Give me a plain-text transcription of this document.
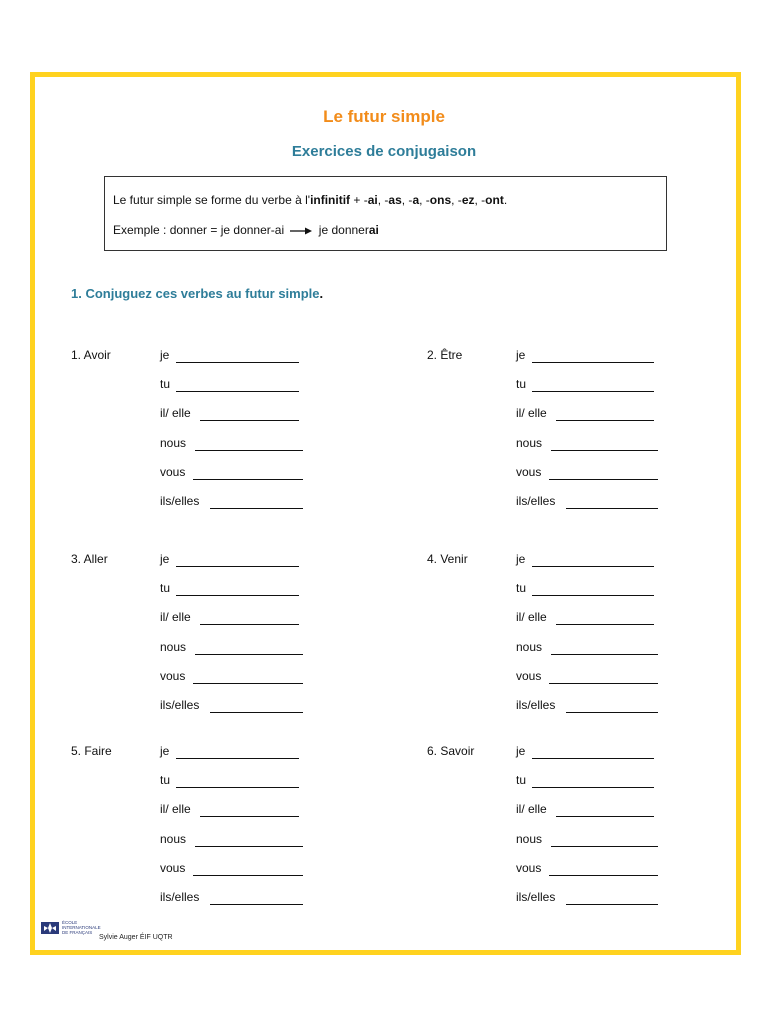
Le futur simple
Exercices de conjugaison
Le futur simple se forme du verbe à l'infinitif + -ai, -as, -a, -ons, -ez, -ont.
Exemple : donner = je donner-ai	je donnerai
1. Conjuguez ces verbes au futur simple.
1. Avoir	je
tu
il/ elle
nous
vous
ils/elles
2. Être	je
tu
il/ elle
nous
vous
ils/elles
3. Aller	je
tu
il/ elle
nous
vous
ils/elles
4. Venir	je
tu
il/ elle
nous
vous
ils/elles
5. Faire	je
tu
il/ elle
nous
vous
ils/elles
6. Savoir	je
tu
il/ elle
nous
vous
ils/elles
ÉCOLE
INTERNATIONALE
DE FRANÇAIS
Sylvie Auger ÉIF UQTR
